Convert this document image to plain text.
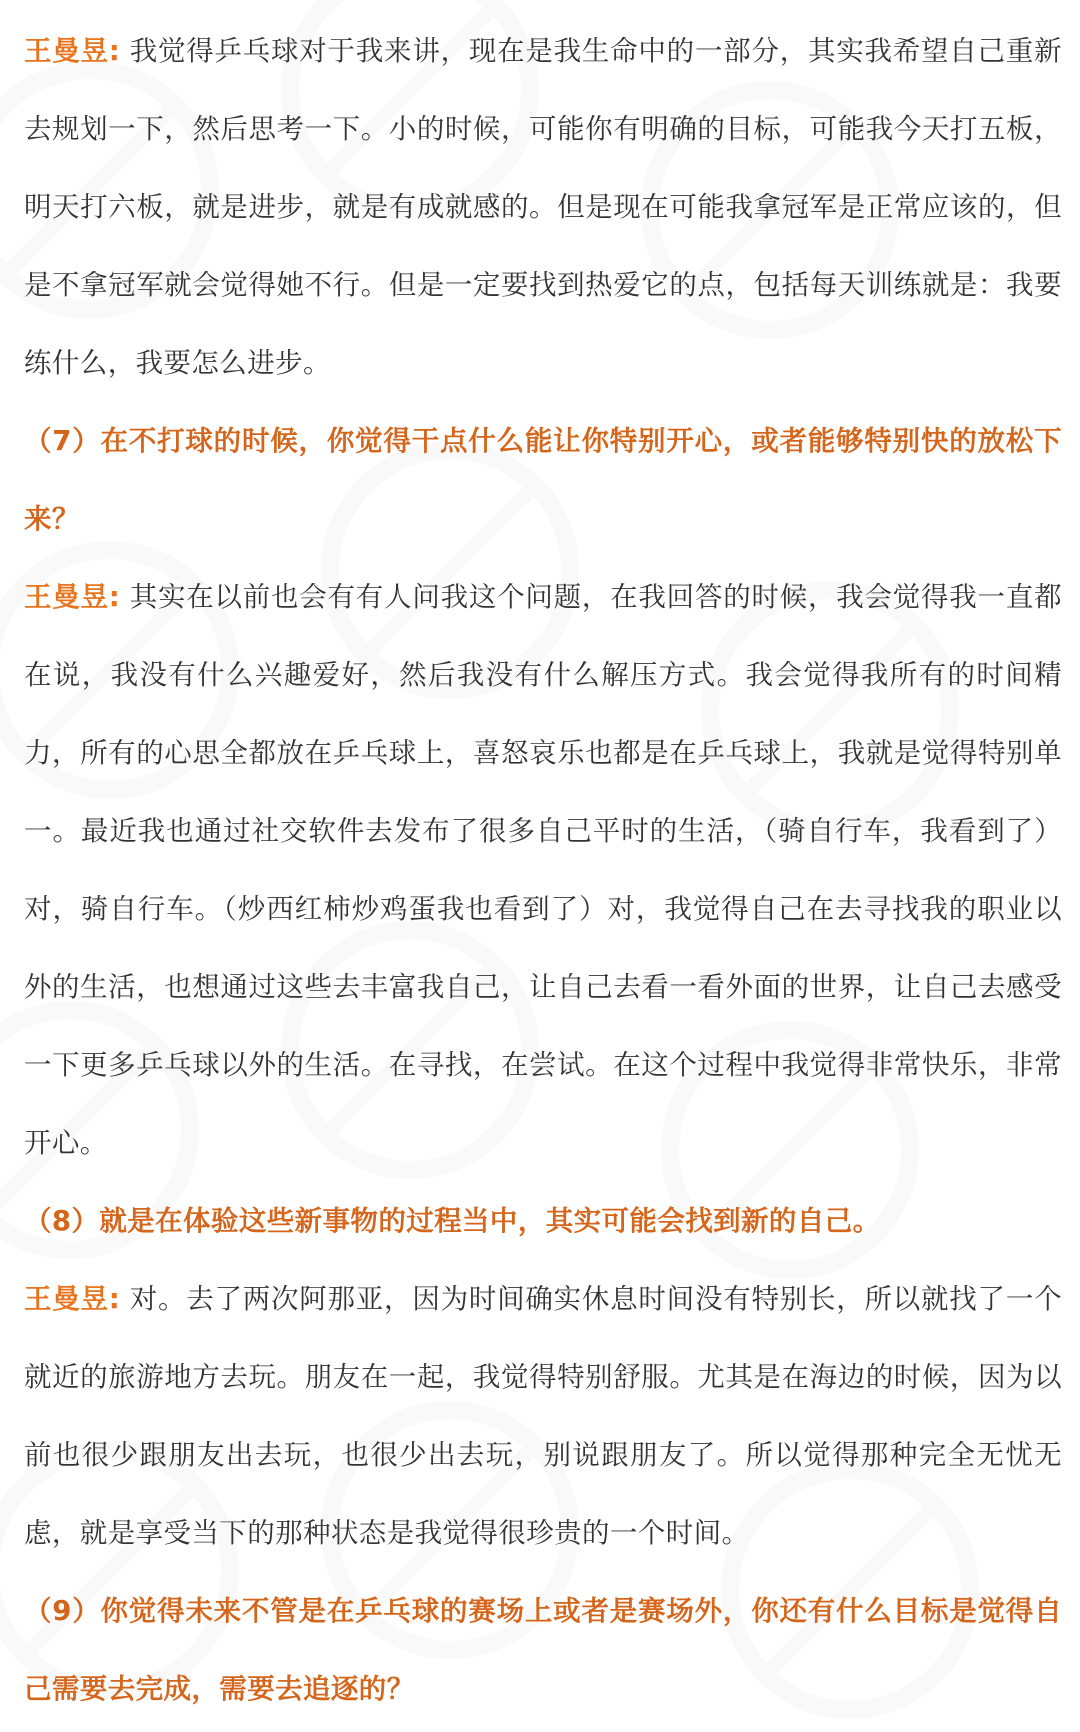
王曼昱: 我觉得乒乓球对于我来讲，现在是我生命中的一部分，其实我希望自己重新去规划一下，然后思考一下。小的时候，可能你有明确的目标，可能我今天打五板，明天打六板，就是进步，就是有成就感的。但是现在可能我拿冠军是正常应该的，但是不拿冠军就会觉得她不行。但是一定要找到热爱它的点，包括每天训练就是：我要练什么，我要怎么进步。

（7）在不打球的时候，你觉得干点什么能让你特别开心，或者能够特别快的放松下来？

王曼昱: 其实在以前也会有有人问我这个问题，在我回答的时候，我会觉得我一直都在说，我没有什么兴趣爱好，然后我没有什么解压方式。我会觉得我所有的时间精力，所有的心思全都放在乒乓球上，喜怒哀乐也都是在乒乓球上，我就是觉得特别单一。最近我也通过社交软件去发布了很多自己平时的生活，（骑自行车，我看到了）对，骑自行车。（炒西红柿炒鸡蛋我也看到了）对，我觉得自己在去寻找我的职业以外的生活，也想通过这些去丰富我自己，让自己去看一看外面的世界，让自己去感受一下更多乒乓球以外的生活。在寻找，在尝试。在这个过程中我觉得非常快乐，非常开心。

（8）就是在体验这些新事物的过程当中，其实可能会找到新的自己。

王曼昱: 对。去了两次阿那亚，因为时间确实休息时间没有特别长，所以就找了一个就近的旅游地方去玩。朋友在一起，我觉得特别舒服。尤其是在海边的时候，因为以前也很少跟朋友出去玩，也很少出去玩，别说跟朋友了。所以觉得那种完全无忧无虑，就是享受当下的那种状态是我觉得很珍贵的一个时间。

（9）你觉得未来不管是在乒乓球的赛场上或者是赛场外，你还有什么目标是觉得自己需要去完成，需要去追逐的？
